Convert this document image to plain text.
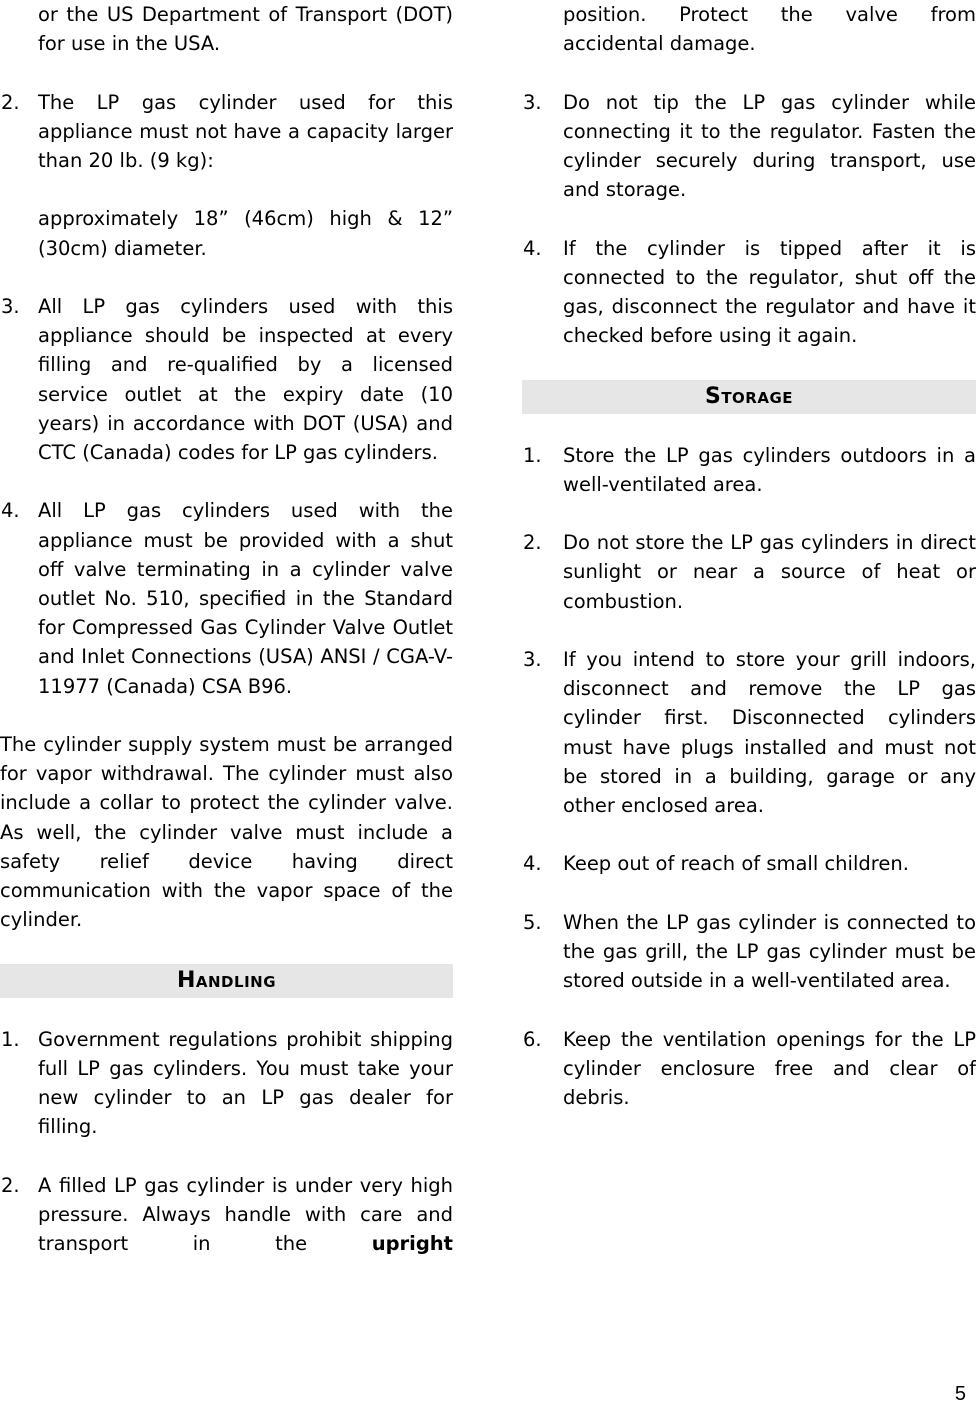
or the US Department of Transport (DOT) for use in the USA.
2. The LP gas cylinder used for this appliance must not have a capacity larger than 20 lb. (9 kg):

approximately 18” (46cm) high & 12” (30cm) diameter.

3. All LP gas cylinders used with this appliance should be inspected at every filling and re-qualified by a licensed service outlet at the expiry date (10 years) in accordance with DOT (USA) and CTC (Canada) codes for LP gas cylinders.

4. All LP gas cylinders used with the appliance must be provided with a shut off valve terminating in a cylinder valve outlet No. 510, specified in the Standard for Compressed Gas Cylinder Valve Outlet and Inlet Connections (USA) ANSI / CGA-V-11977 (Canada) CSA B96.

The cylinder supply system must be arranged for vapor withdrawal. The cylinder must also include a collar to protect the cylinder valve. As well, the cylinder valve must include a safety relief device having direct communication with the vapor space of the cylinder.
Handling
1. Government regulations prohibit shipping full LP gas cylinders. You must take your new cylinder to an LP gas dealer for filling.

2. A filled LP gas cylinder is under very high pressure. Always handle with care and transport in the	upright

position. Protect the valve from accidental damage.
3. Do not tip the LP gas cylinder while connecting it to the regulator. Fasten the cylinder securely during transport, use and storage.

4. If the cylinder is tipped after it is connected to the regulator, shut off the gas, disconnect the regulator and have it checked before using it again.

Storage
1. Store the LP gas cylinders outdoors in a well-ventilated area.

2. Do not store the LP gas cylinders in direct sunlight or near a source of heat or combustion.

3. If you intend to store your grill indoors, disconnect and remove the LP gas cylinder first. Disconnected cylinders must have plugs installed and must not be stored in a building, garage or any other enclosed area.

4. Keep out of reach of small children.

5. When the LP gas cylinder is connected to the gas grill, the LP gas cylinder must be stored outside in a well-ventilated area.

6. Keep the ventilation openings for the LP cylinder enclosure free and clear of debris.

5
